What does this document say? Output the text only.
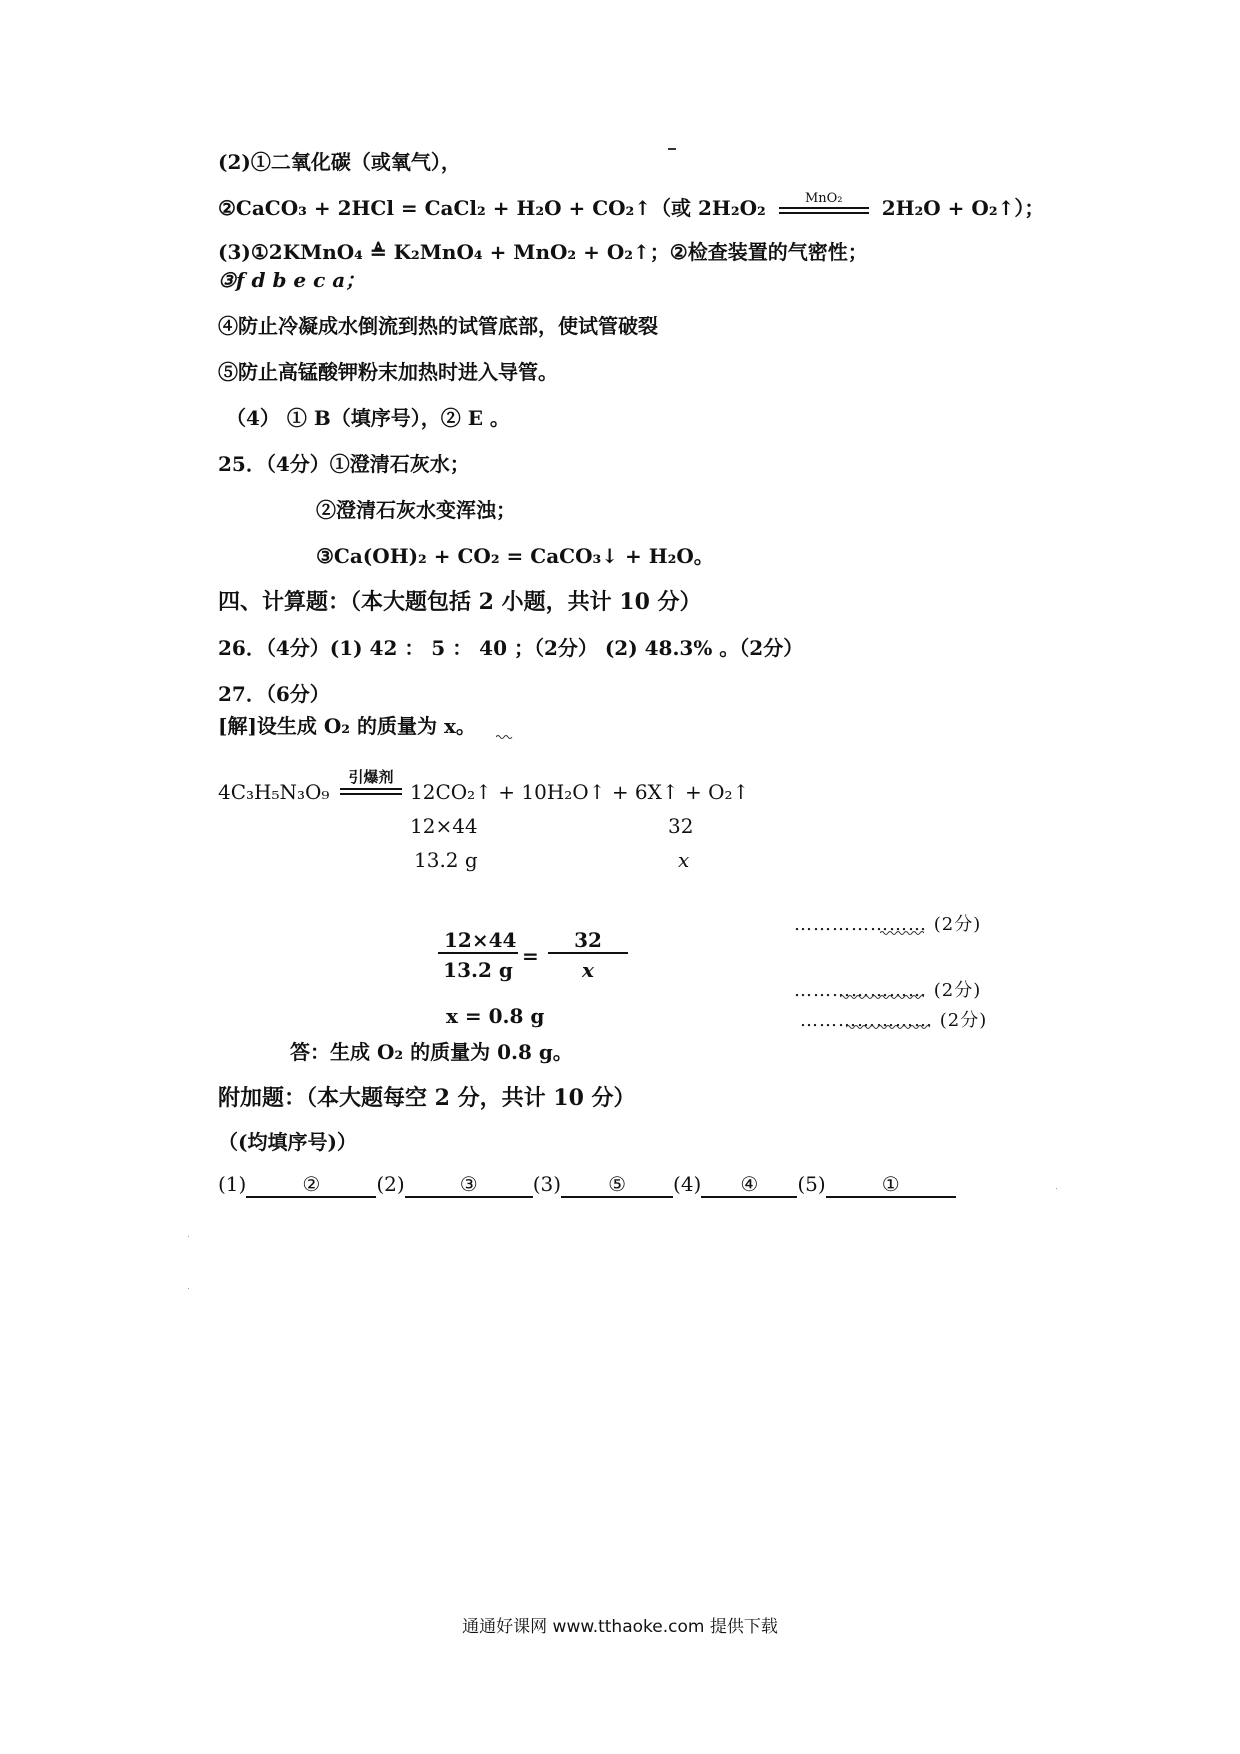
(2)①二氧化碳（或氧气），
②CaCO₃ + 2HCl = CaCl₂ + H₂O + CO₂↑（或 2H₂O₂	MnO₂	2H₂O + O₂↑）；
(3)①2KMnO₄ ≜ K₂MnO₄ + MnO₂ + O₂↑；②检查装置的气密性；
③f d b e c a；
④防止冷凝成水倒流到热的试管底部，使试管破裂
⑤防止高锰酸钾粉末加热时进入导管。
（4） ① B（填序号），② E 。
25．（4分）①澄清石灰水；
②澄清石灰水变浑浊；
③Ca(OH)₂ + CO₂ = CaCO₃↓ + H₂O。
四、计算题：（本大题包括 2 小题，共计 10 分）
26．（4分）(1) 42 ： 5 ： 40 ；（2分） (2) 48.3% 。（2分）
27．（6分）
[解]设生成 O₂ 的质量为 x。
4C₃H₅N₃O₉
引爆剂
12CO₂↑ + 10H₂O↑ + 6X↑ + O₂↑
12×44	32
13.2 g	x
$\frac{12\times 44}{13.2 g} = \frac{32}{x}$
x = 0.8 g
………………… (2分)
………………… (2分)
………………… (2分)
答：生成 O₂ 的质量为 0.8 g。
附加题：（本大题每空 2 分，共计 10 分）
（(均填序号)）
(1)	②	(2)	③	(3) ⑤ (4) ④ (5)	①
通通好课网 www.tthaoke.com 提供下载
